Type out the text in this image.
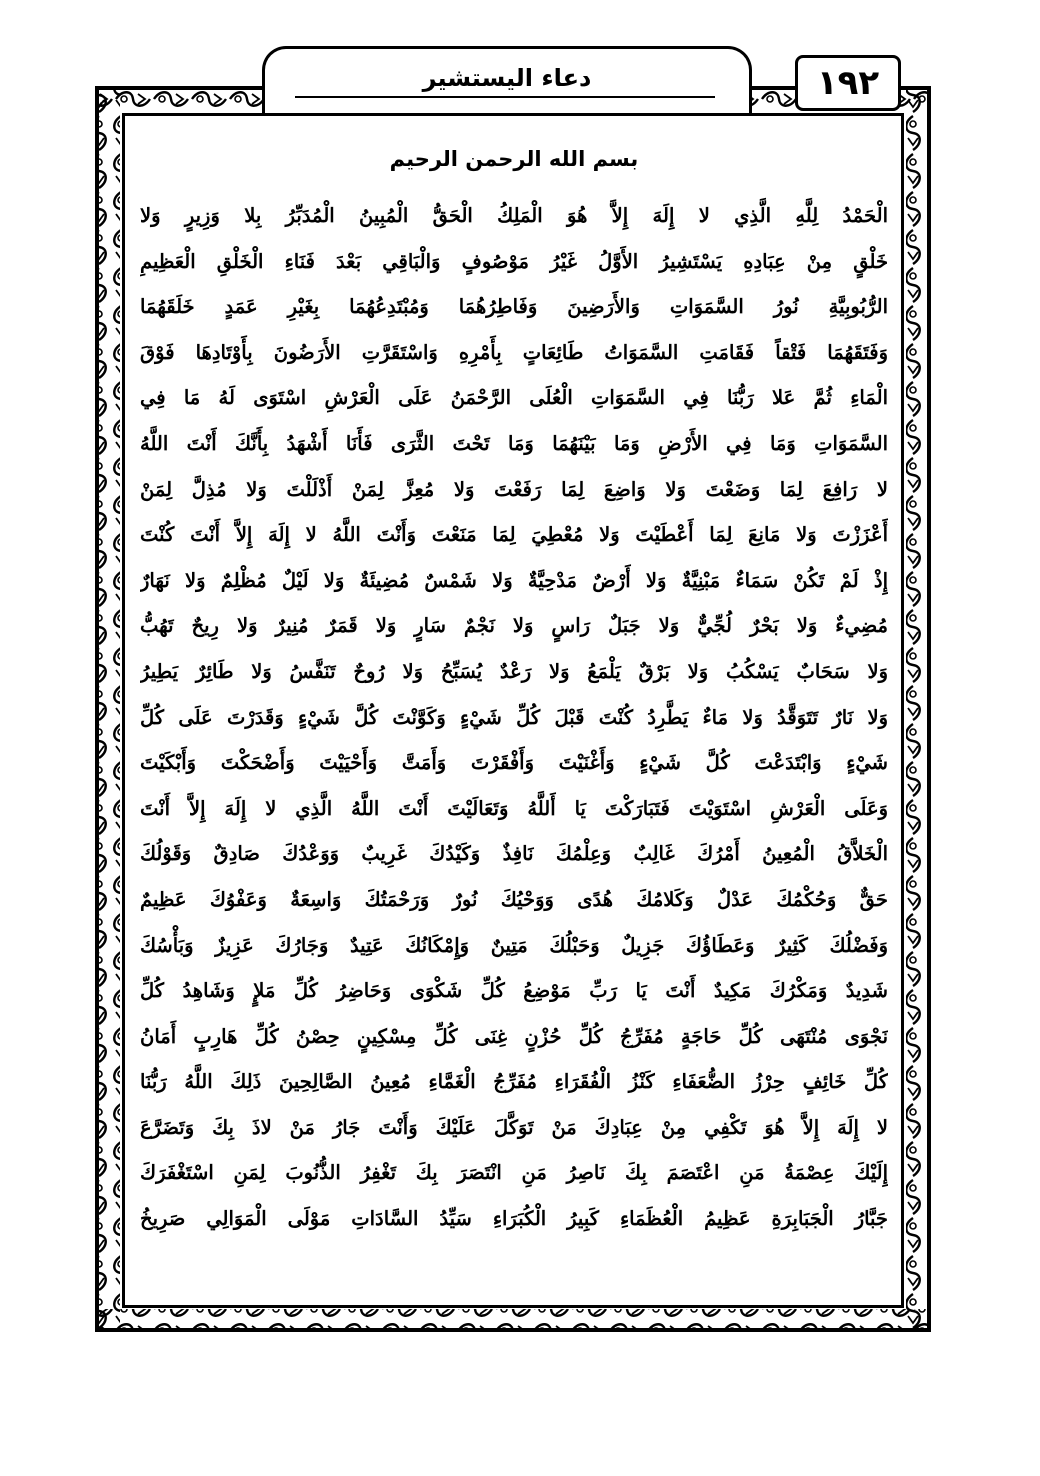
١٩٢
دعاء اليستشير
بسم الله الرحمن الرحيم
الْحَمْدُ لِلَّهِ الَّذِي لا إِلَهَ إِلاَّ هُوَ الْمَلِكُ الْحَقُّ الْمُبِينُ الْمُدَبِّرُ بِلا وَزِيرٍ وَلا
خَلْقٍ مِنْ عِبَادِهِ يَسْتَشِيرُ الأَوَّلُ غَيْرُ مَوْصُوفٍ وَالْبَاقِي بَعْدَ فَنَاءِ الْخَلْقِ الْعَظِيمِ
الرُّبُوبِيَّةِ نُورُ السَّمَوَاتِ وَالأَرَضِينَ وَفَاطِرُهُمَا وَمُبْتَدِعُهُمَا بِغَيْرِ عَمَدٍ خَلَقَهُمَا
وَفَتَقَهُمَا فَتْقاً فَقَامَتِ السَّمَوَاتُ طَائِعَاتٍ بِأَمْرِهِ وَاسْتَقَرَّتِ الأَرَضُونَ بِأَوْتَادِهَا فَوْقَ
الْمَاءِ ثُمَّ عَلا رَبُّنَا فِي السَّمَوَاتِ الْعُلَى الرَّحْمَنُ عَلَى الْعَرْشِ اسْتَوَى لَهُ مَا فِي
السَّمَوَاتِ وَمَا فِي الأَرْضِ وَمَا بَيْنَهُمَا وَمَا تَحْتَ الثَّرَى فَأَنَا أَشْهَدُ بِأَنَّكَ أَنْتَ اللَّهُ
لا رَافِعَ لِمَا وَضَعْتَ وَلا وَاضِعَ لِمَا رَفَعْتَ وَلا مُعِزَّ لِمَنْ أَذْلَلْتَ وَلا مُذِلَّ لِمَنْ
أَعْزَزْتَ وَلا مَانِعَ لِمَا أَعْطَيْتَ وَلا مُعْطِيَ لِمَا مَنَعْتَ وَأَنْتَ اللَّهُ لا إِلَهَ إِلاَّ أَنْتَ كُنْتَ
إِذْ لَمْ تَكُنْ سَمَاءٌ مَبْنِيَّةٌ وَلا أَرْضٌ مَدْحِيَّةٌ وَلا شَمْسٌ مُضِيئَةٌ وَلا لَيْلٌ مُظْلِمٌ وَلا نَهَارٌ
مُضِيءٌ وَلا بَحْرٌ لُجِّيٌّ وَلا جَبَلٌ رَاسٍ وَلا نَجْمٌ سَارٍ وَلا قَمَرٌ مُنِيرٌ وَلا رِيحٌ تَهُبُّ
وَلا سَحَابٌ يَسْكُبُ وَلا بَرْقٌ يَلْمَعُ وَلا رَعْدٌ يُسَبِّحُ وَلا رُوحٌ تَنَفَّسُ وَلا طَائِرٌ يَطِيرُ
وَلا نَارٌ تَتَوَقَّدُ وَلا مَاءٌ يَطَّرِدُ كُنْتَ قَبْلَ كُلِّ شَيْءٍ وَكَوَّنْتَ كُلَّ شَيْءٍ وَقَدَرْتَ عَلَى كُلِّ
شَيْءٍ وَابْتَدَعْتَ كُلَّ شَيْءٍ وَأَغْنَيْتَ وَأَفْقَرْتَ وَأَمَتَّ وَأَحْيَيْتَ وَأَضْحَكْتَ وَأَبْكَيْتَ
وَعَلَى الْعَرْشِ اسْتَوَيْتَ فَتَبَارَكْتَ يَا أَللَّهُ وَتَعَالَيْتَ أَنْتَ اللَّهُ الَّذِي لا إِلَهَ إِلاَّ أَنْتَ
الْخَلاَّقُ الْمُعِينُ أَمْرُكَ غَالِبٌ وَعِلْمُكَ نَافِذٌ وَكَيْدُكَ غَرِيبٌ وَوَعْدُكَ صَادِقٌ وَقَوْلُكَ
حَقٌّ وَحُكْمُكَ عَدْلٌ وَكَلامُكَ هُدًى وَوَحْيُكَ نُورٌ وَرَحْمَتُكَ وَاسِعَةٌ وَعَفْوُكَ عَظِيمٌ
وَفَضْلُكَ كَثِيرٌ وَعَطَاؤُكَ جَزِيلٌ وَحَبْلُكَ مَتِينٌ وَإِمْكَانُكَ عَتِيدٌ وَجَارُكَ عَزِيزٌ وَبَأْسُكَ
شَدِيدٌ وَمَكْرُكَ مَكِيدٌ أَنْتَ يَا رَبِّ مَوْضِعُ كُلِّ شَكْوَى وَحَاضِرُ كُلِّ مَلإٍ وَشَاهِدُ كُلِّ
نَجْوَى مُنْتَهَى كُلِّ حَاجَةٍ مُفَرِّجُ كُلِّ حُزْنٍ غِنَى كُلِّ مِسْكِينٍ حِصْنُ كُلِّ هَارِبٍ أَمَانُ
كُلِّ خَائِفٍ حِرْزُ الضُّعَفَاءِ كَنْزُ الْفُقَرَاءِ مُفَرِّجُ الْغَمَّاءِ مُعِينُ الصَّالِحِينَ ذَلِكَ اللَّهُ رَبُّنَا
لا إِلَهَ إِلاَّ هُوَ تَكْفِي مِنْ عِبَادِكَ مَنْ تَوَكَّلَ عَلَيْكَ وَأَنْتَ جَارُ مَنْ لاذَ بِكَ وَتَضَرَّعَ
إِلَيْكَ عِصْمَةُ مَنِ اعْتَصَمَ بِكَ نَاصِرُ مَنِ انْتَصَرَ بِكَ تَغْفِرُ الذُّنُوبَ لِمَنِ اسْتَغْفَرَكَ
جَبَّارُ الْجَبَابِرَةِ عَظِيمُ الْعُظَمَاءِ كَبِيرُ الْكُبَرَاءِ سَيِّدُ السَّادَاتِ مَوْلَى الْمَوَالِي صَرِيخُ
